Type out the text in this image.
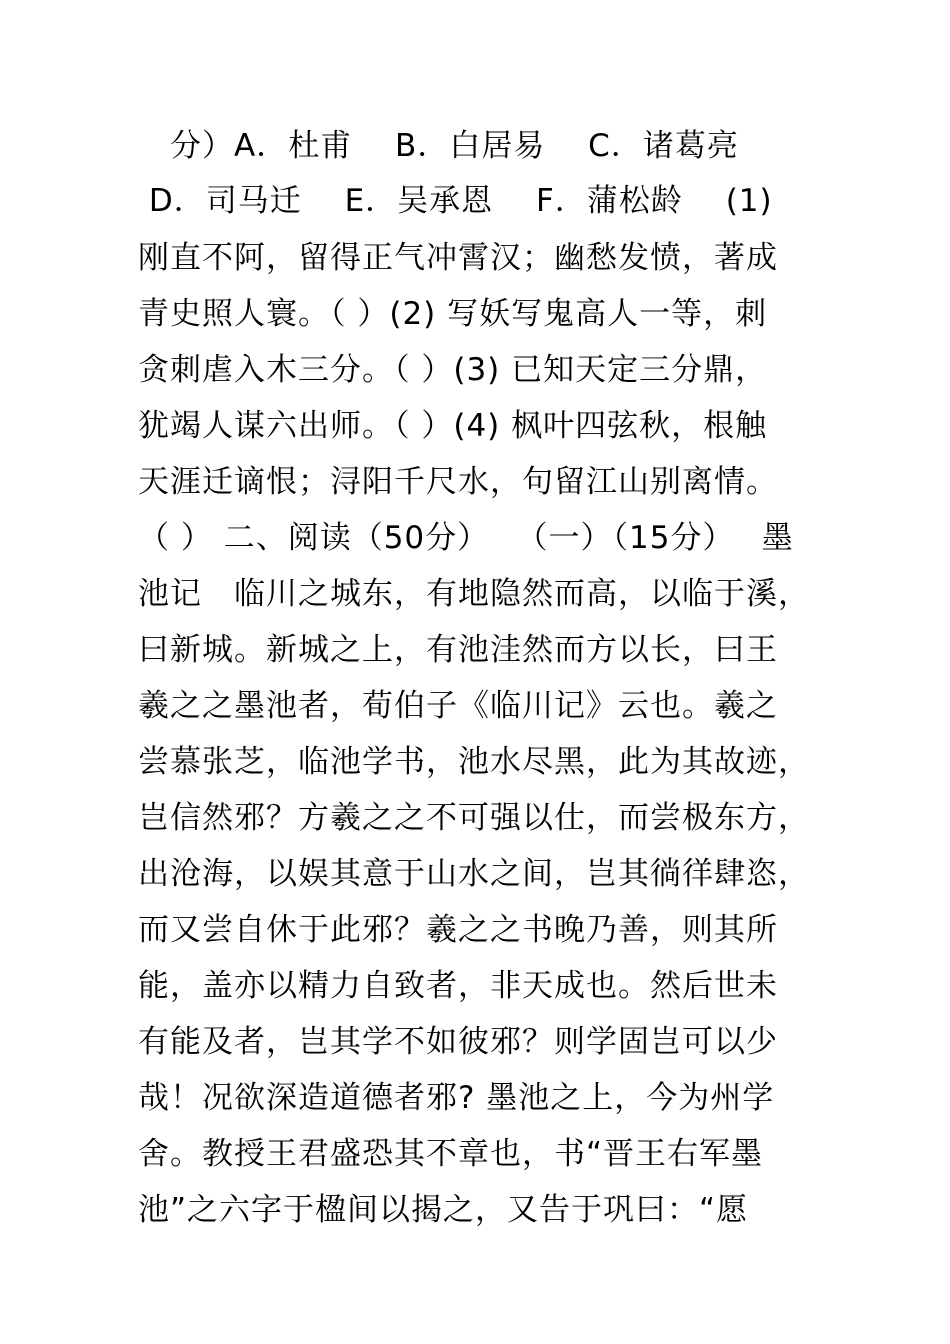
　分）A．杜甫　 B．白居易　 C．诸葛亮
D．司马迁　 E．吴承恩　 F．蒲松龄　 (1)
刚直不阿，留得正气冲霄汉；幽愁发愤，著成
青史照人寰。（ ）(2) 写妖写鬼高人一等，刺
贪刺虐入木三分。（ ）(3) 已知天定三分鼎，
犹竭人谋六出师。（ ）(4) 枫叶四弦秋，根触
天涯迁谪恨；浔阳千尺水，句留江山别离情。
（ ） 二、阅读（50分）　 （一）（15分）　 墨
池记　临川之城东，有地隐然而高，以临于溪，
曰新城。新城之上，有池洼然而方以长，曰王
羲之之墨池者，荀伯子《临川记》云也。羲之
尝慕张芝，临池学书，池水尽黑，此为其故迹，
岂信然邪？方羲之之不可强以仕，而尝极东方，
出沧海，以娱其意于山水之间，岂其徜徉肆恣，
而又尝自休于此邪？羲之之书晚乃善，则其所
能，盖亦以精力自致者，非天成也。然后世未
有能及者，岂其学不如彼邪？则学固岂可以少
哉！况欲深造道德者邪? 墨池之上，今为州学
舍。教授王君盛恐其不章也，书“晋王右军墨
池”之六字于楹间以揭之，又告于巩曰：“愿
